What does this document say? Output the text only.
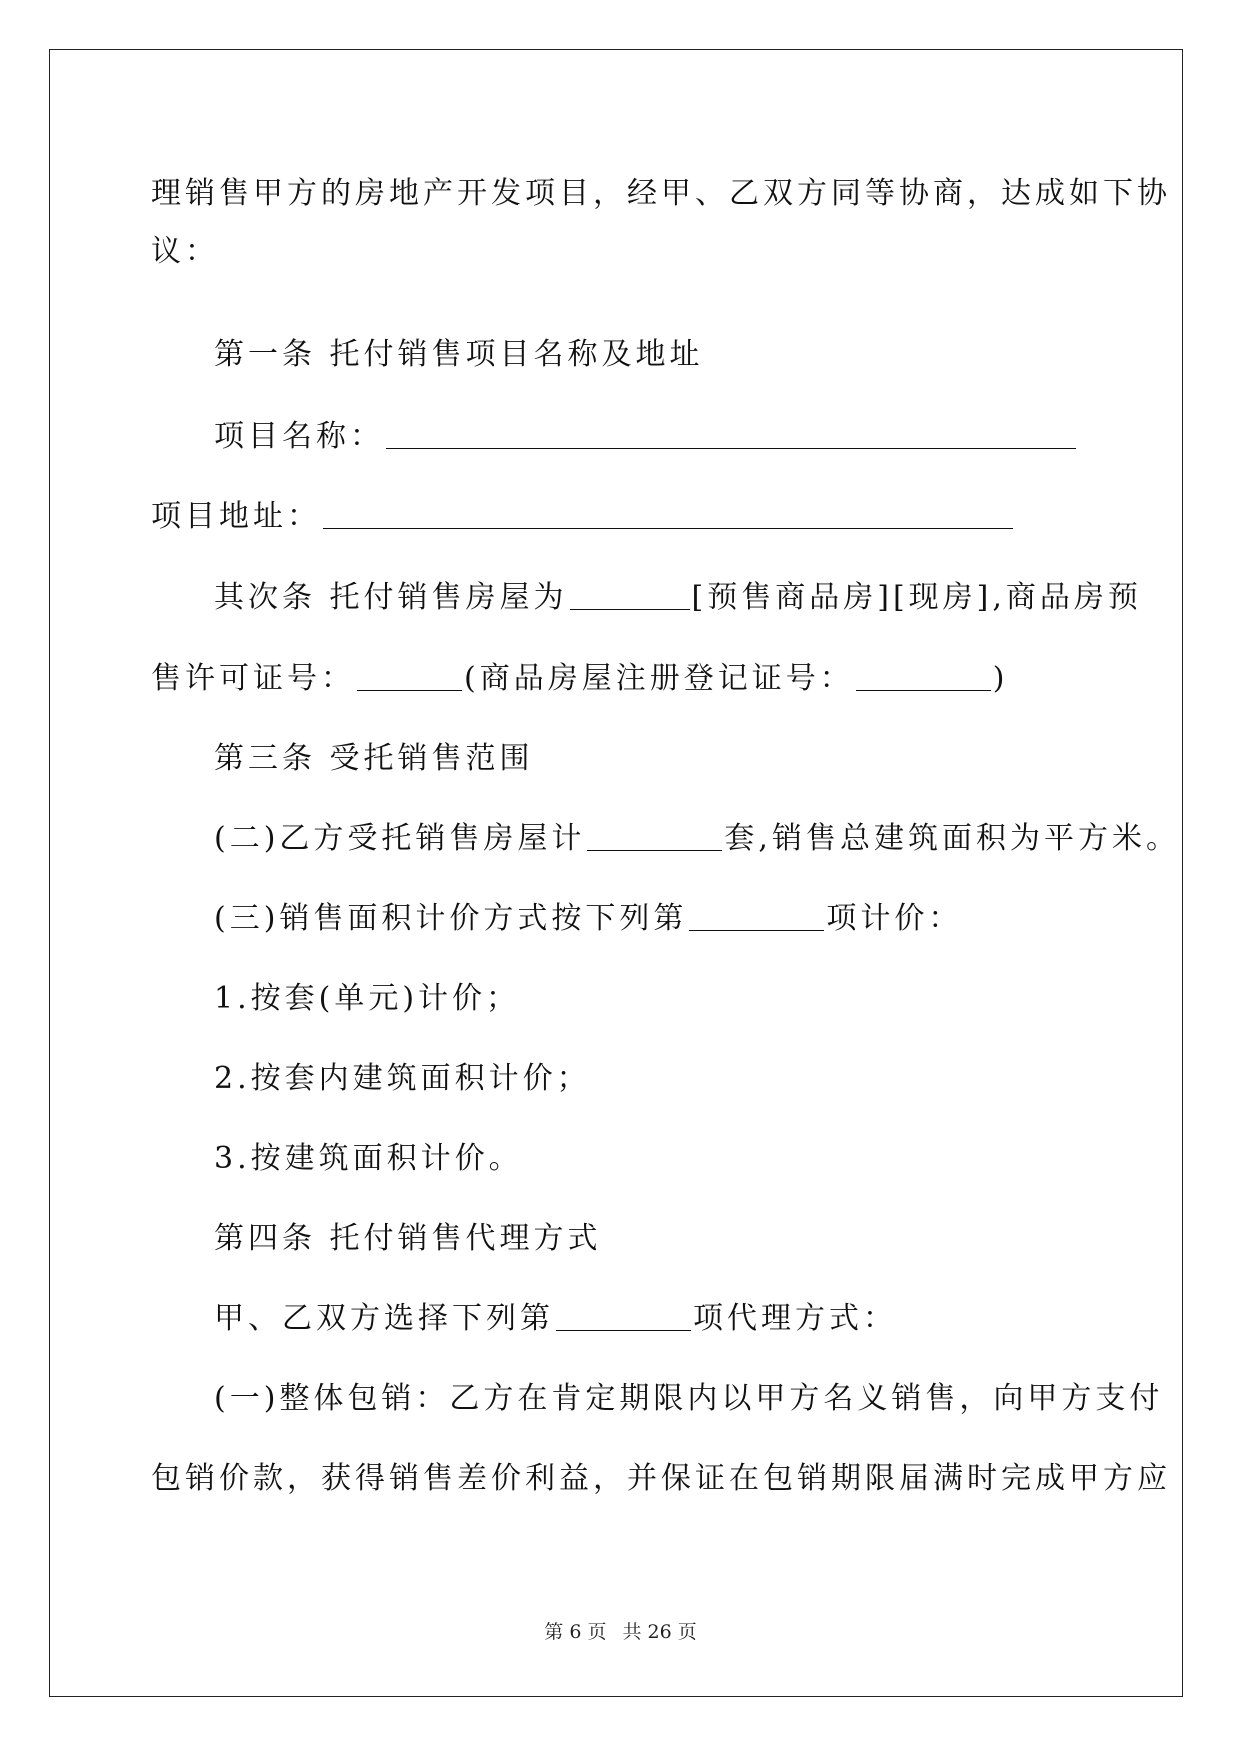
理销售甲方的房地产开发项目，经甲、乙双方同等协商，达成如下协
议：
第一条 托付销售项目名称及地址
项目名称：
项目地址：
其次条 托付销售房屋为	[预售商品房][现房],商品房预
售许可证号：	(商品房屋注册登记证号：	)
第三条 受托销售范围
(二)乙方受托销售房屋计	套,销售总建筑面积为平方米。
(三)销售面积计价方式按下列第	项计价：
1.按套(单元)计价；
2.按套内建筑面积计价；
3.按建筑面积计价。
第四条 托付销售代理方式
甲、乙双方选择下列第	项代理方式：
(一)整体包销：乙方在肯定期限内以甲方名义销售，向甲方支付
包销价款，获得销售差价利益，并保证在包销期限届满时完成甲方应
第 6 页 共 26 页
